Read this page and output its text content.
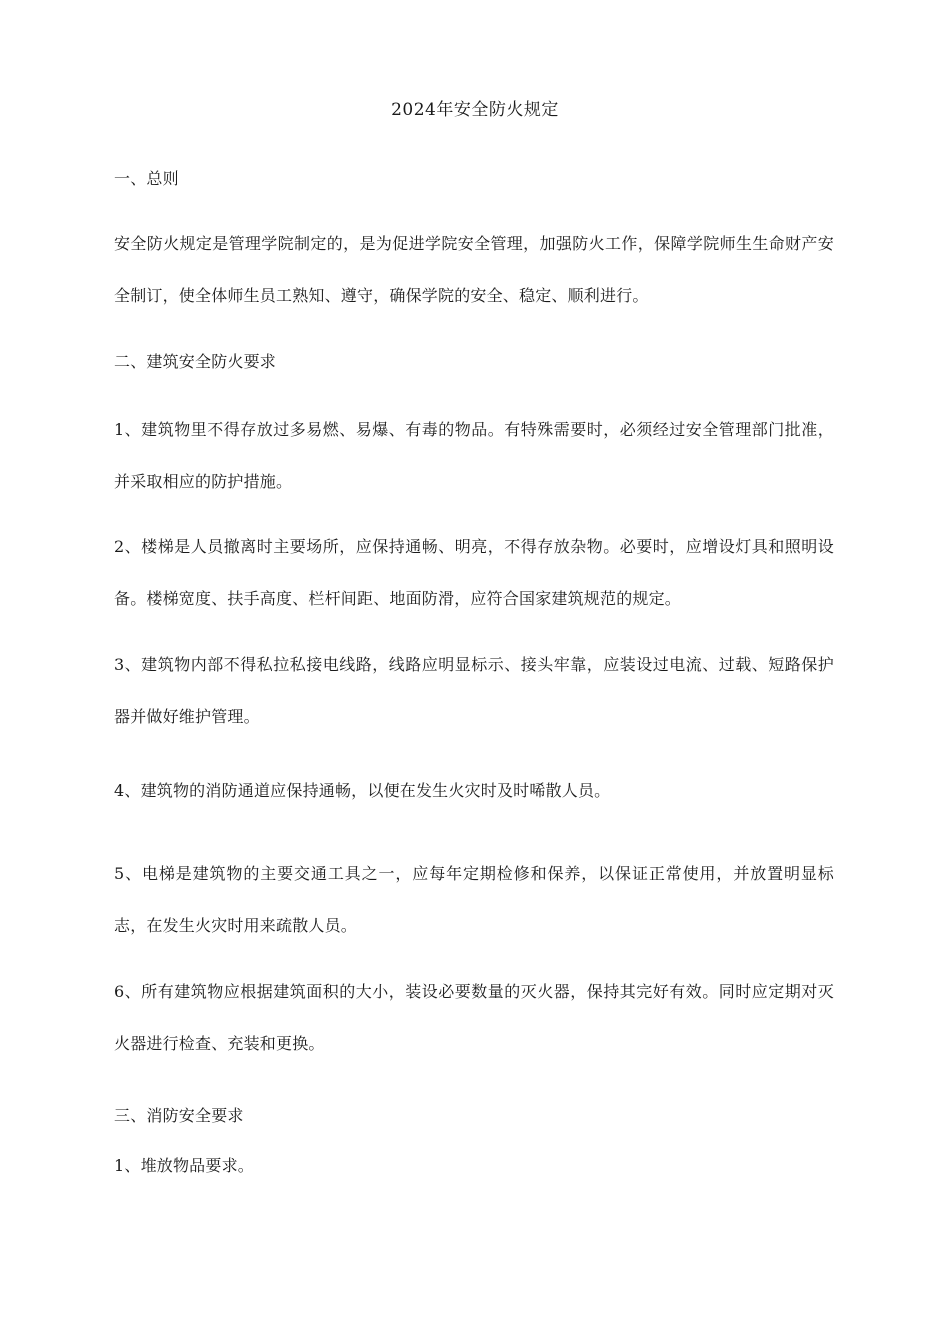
2024年安全防火规定
一、总则
安全防火规定是管理学院制定的，是为促进学院安全管理，加强防火工作，保障学院师生生命财产安全制订，使全体师生员工熟知、遵守，确保学院的安全、稳定、顺利进行。
二、建筑安全防火要求
1、建筑物里不得存放过多易燃、易爆、有毒的物品。有特殊需要时，必须经过安全管理部门批准，并采取相应的防护措施。
2、楼梯是人员撤离时主要场所，应保持通畅、明亮，不得存放杂物。必要时，应增设灯具和照明设备。楼梯宽度、扶手高度、栏杆间距、地面防滑，应符合国家建筑规范的规定。
3、建筑物内部不得私拉私接电线路，线路应明显标示、接头牢靠，应装设过电流、过载、短路保护器并做好维护管理。
4、建筑物的消防通道应保持通畅，以便在发生火灾时及时唏散人员。
5、电梯是建筑物的主要交通工具之一，应每年定期检修和保养，以保证正常使用，并放置明显标志，在发生火灾时用来疏散人员。
6、所有建筑物应根据建筑面积的大小，装设必要数量的灭火器，保持其完好有效。同时应定期对灭火器进行检查、充装和更换。
三、消防安全要求
1、堆放物品要求。
